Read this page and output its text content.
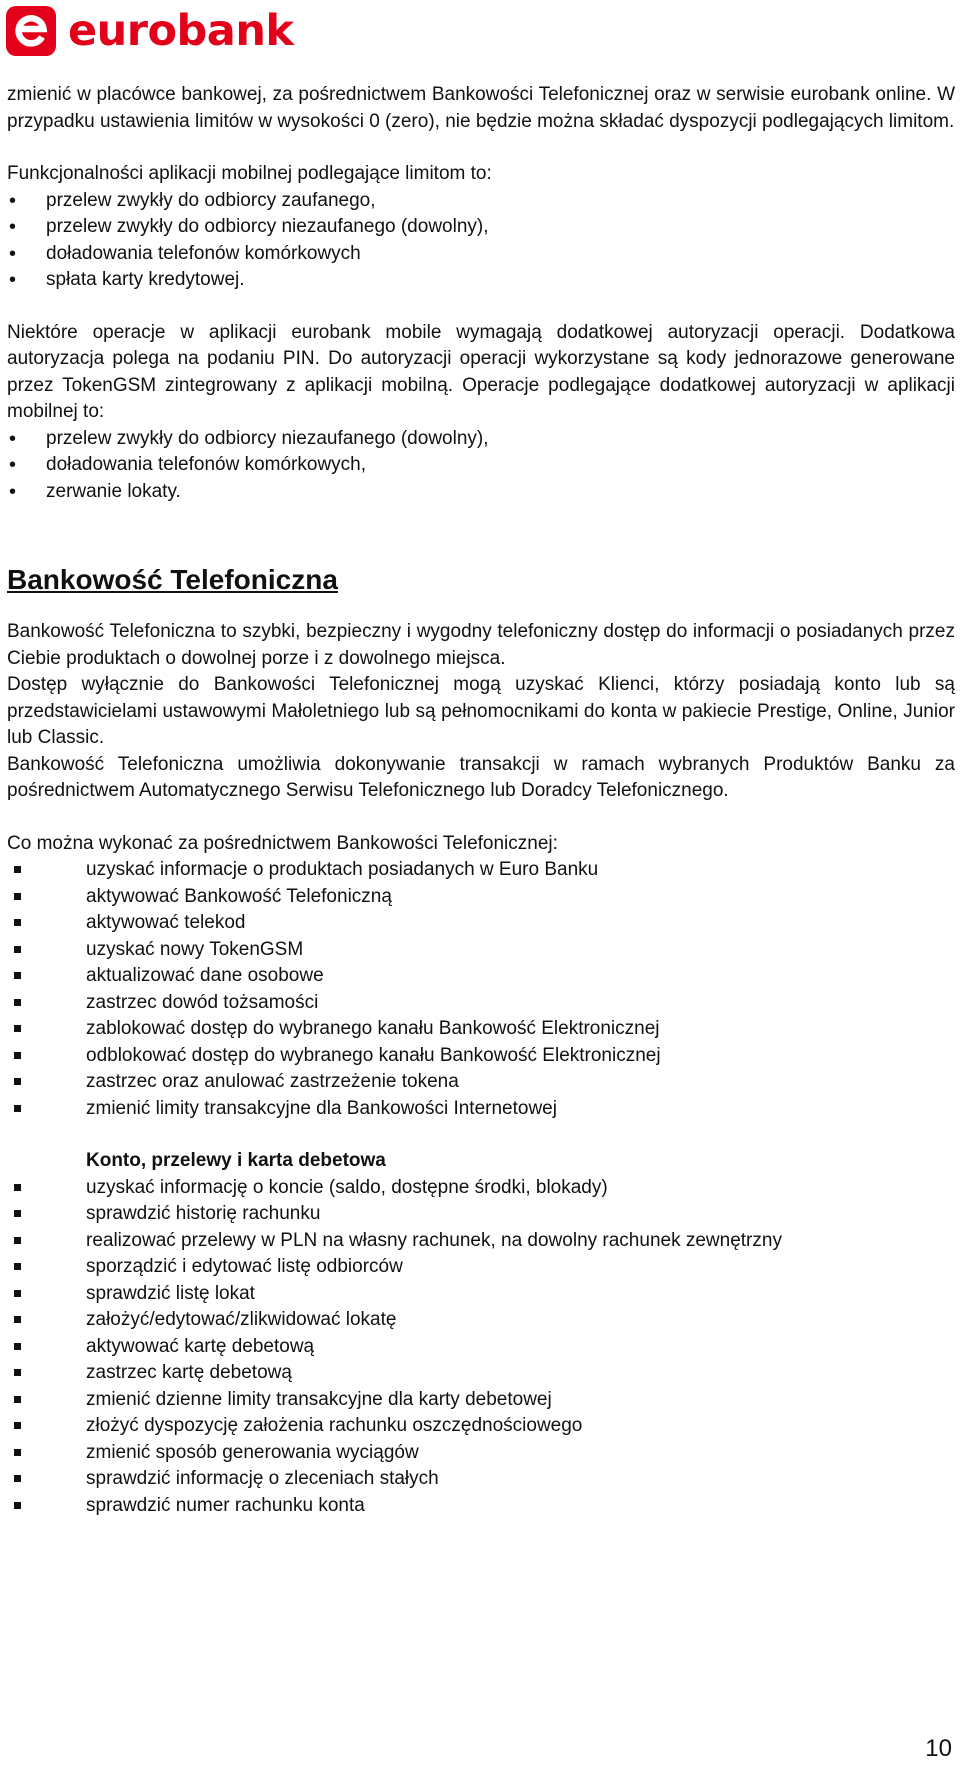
eurobank

zmienić w placówce bankowej, za pośrednictwem Bankowości Telefonicznej oraz w serwisie eurobank online. W przypadku ustawienia limitów w wysokości 0 (zero), nie będzie można składać dyspozycji podlegających limitom.

Funkcjonalności aplikacji mobilnej podlegające limitom to:

• przelew zwykły do odbiorcy zaufanego,
• przelew zwykły do odbiorcy niezaufanego (dowolny),
• doładowania telefonów komórkowych
• spłata karty kredytowej.

Niektóre operacje w aplikacji eurobank mobile wymagają dodatkowej autoryzacji operacji. Dodatkowa autoryzacja polega na podaniu PIN. Do autoryzacji operacji wykorzystane są kody jednorazowe generowane przez TokenGSM zintegrowany z aplikacji mobilną. Operacje podlegające dodatkowej autoryzacji w aplikacji mobilnej to:

• przelew zwykły do odbiorcy niezaufanego (dowolny),
• doładowania telefonów komórkowych,
• zerwanie lokaty.
Bankowość Telefoniczna

Bankowość Telefoniczna to szybki, bezpieczny i wygodny telefoniczny dostęp do informacji o posiadanych przez Ciebie produktach o dowolnej porze i z dowolnego miejsca.

Dostęp wyłącznie do Bankowości Telefonicznej mogą uzyskać Klienci, którzy posiadają konto lub są przedstawicielami ustawowymi Małoletniego lub są pełnomocnikami do konta w pakiecie Prestige, Online, Junior lub Classic.

Bankowość Telefoniczna umożliwia dokonywanie transakcji w ramach wybranych Produktów Banku za pośrednictwem Automatycznego Serwisu Telefonicznego lub Doradcy Telefonicznego.

Co można wykonać za pośrednictwem Bankowości Telefonicznej:

uzyskać informacje o produktach posiadanych w Euro Banku
aktywować Bankowość Telefoniczną
aktywować telekod
uzyskać nowy TokenGSM
aktualizować dane osobowe
zastrzec dowód tożsamości
zablokować dostęp do wybranego kanału Bankowość Elektronicznej
odblokować dostęp do wybranego kanału Bankowość Elektronicznej
zastrzec oraz anulować zastrzeżenie tokena
zmienić limity transakcyjne dla Bankowości Internetowej

Konto, przelewy i karta debetowa

uzyskać informację o koncie (saldo, dostępne środki, blokady)
sprawdzić historię rachunku
realizować przelewy w PLN na własny rachunek, na dowolny rachunek zewnętrzny
sporządzić i edytować listę odbiorców
sprawdzić listę lokat
założyć/edytować/zlikwidować lokatę
aktywować kartę debetową
zastrzec kartę debetową
zmienić dzienne limity transakcyjne dla karty debetowej
złożyć dyspozycję założenia rachunku oszczędnościowego
zmienić sposób generowania wyciągów
sprawdzić informację o zleceniach stałych
sprawdzić numer rachunku konta
10
